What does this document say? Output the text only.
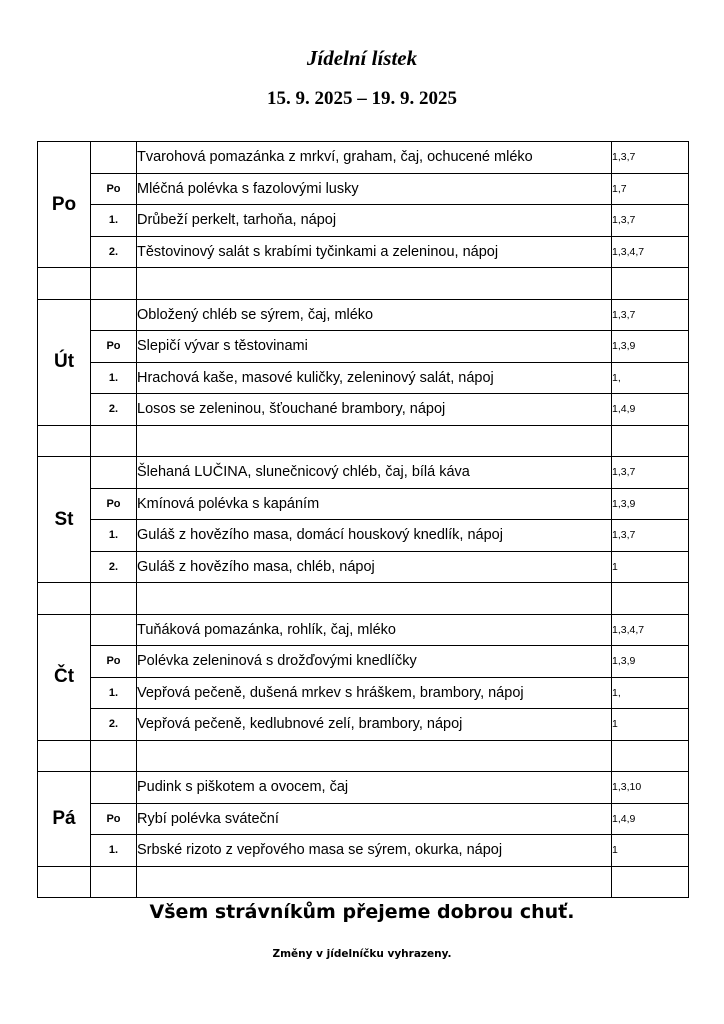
Jídelní lístek
15. 9. 2025 – 19. 9. 2025
Po		Tvarohová pomazánka z mrkví, graham, čaj, ochucené mléko	1,3,7
	Po	Mléčná polévka s fazolovými lusky	1,7
	1.	Drůbeží perkelt, tarhoňa, nápoj	1,3,7
	2.	Těstovinový salát s krabími tyčinkami a zeleninou, nápoj	1,3,4,7

Út		Obložený chléb se sýrem, čaj, mléko	1,3,7
	Po	Slepičí vývar s těstovinami	1,3,9
	1.	Hrachová kaše, masové kuličky, zeleninový salát, nápoj	1,
	2.	Losos se zeleninou, šťouchané brambory, nápoj	1,4,9

St		Šlehaná LUČINA, slunečnicový chléb, čaj, bílá káva	1,3,7
	Po	Kmínová polévka s kapáním	1,3,9
	1.	Guláš z hovězího masa, domácí houskový knedlík, nápoj	1,3,7
	2.	Guláš z hovězího masa, chléb, nápoj	1

Čt		Tuňáková pomazánka, rohlík, čaj, mléko	1,3,4,7
	Po	Polévka zeleninová s drožďovými knedlíčky	1,3,9
	1.	Vepřová pečeně, dušená mrkev s hráškem, brambory, nápoj	1,
	2.	Vepřová pečeně, kedlubnové zelí, brambory, nápoj	1

Pá		Pudink s piškotem a ovocem, čaj	1,3,10
	Po	Rybí polévka sváteční	1,4,9
	1.	Srbské rizoto z vepřového masa se sýrem, okurka, nápoj	1

Všem strávníkům přejeme dobrou chuť.
Změny v jídelníčku vyhrazeny.
